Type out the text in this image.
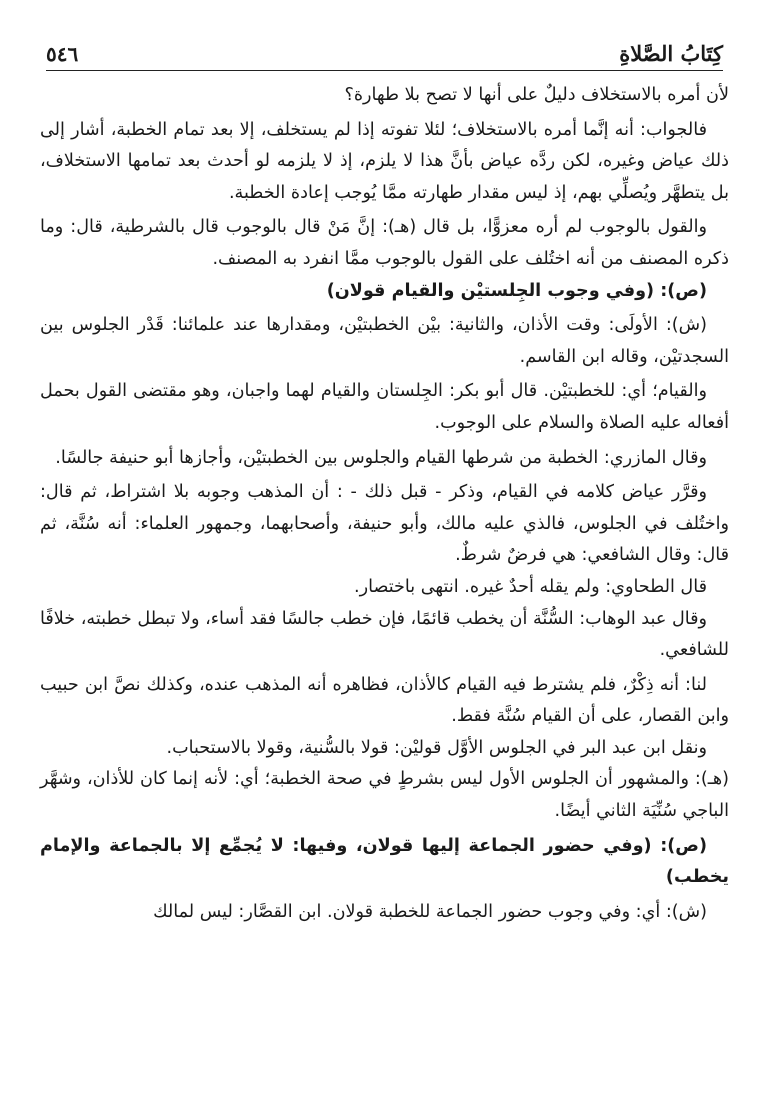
كِتَابُ الصَّلاةِ
٥٤٦

لأن أمره بالاستخلاف دليلٌ على أنها لا تصح بلا طهارة؟

فالجواب: أنه إنَّما أمره بالاستخلاف؛ لئلا تفوته إذا لم يستخلف، إلا بعد تمام الخطبة، أشار إلى ذلك عياض وغيره، لكن ردَّه عياض بأنَّ هذا لا يلزم، إذ لا يلزمه لو أحدث بعد تمامها الاستخلاف، بل يتطهَّر ويُصلِّي بهم، إذ ليس مقدار طهارته ممَّا يُوجب إعادة الخطبة.

والقول بالوجوب لم أره معزوًّا، بل قال (هـ): إنَّ مَنْ قال بالوجوب قال بالشرطية، قال: وما ذكره المصنف من أنه اختُلف على القول بالوجوب ممَّا انفرد به المصنف.

(ص): (وفي وجوب الجِلستيْن والقيام قولان)

(ش): الأولَى: وقت الأذان، والثانية: بيْن الخطبتيْن، ومقدارها عند علمائنا: قَدْر الجلوس بين السجدتيْن، وقاله ابن القاسم.

والقيام؛ أي: للخطبتيْن. قال أبو بكر: الجِلستان والقيام لهما واجبان، وهو مقتضى القول بحمل أفعاله عليه الصلاة والسلام على الوجوب.

وقال المازري: الخطبة من شرطها القيام والجلوس بين الخطبتيْن، وأجازها أبو حنيفة جالسًا.

وقرَّر عياض كلامه في القيام، وذكر - قبل ذلك - : أن المذهب وجوبه بلا اشتراط، ثم قال: واختُلف في الجلوس، فالذي عليه مالك، وأبو حنيفة، وأصحابهما، وجمهور العلماء: أنه سُنَّة، ثم قال: وقال الشافعي: هي فرضٌ شرطٌ.

قال الطحاوي: ولم يقله أحدٌ غيره. انتهى باختصار.

وقال عبد الوهاب: السُّنَّة أن يخطب قائمًا، فإن خطب جالسًا فقد أساء، ولا تبطل خطبته، خلافًا للشافعي.

لنا: أنه ذِكْرٌ، فلم يشترط فيه القيام كالأذان، فظاهره أنه المذهب عنده، وكذلك نصَّ ابن حبيب وابن القصار، على أن القيام سُنَّة فقط.

ونقل ابن عبد البر في الجلوس الأوَّل قوليْن: قولا بالسُّنية، وقولا بالاستحباب.

(هـ): والمشهور أن الجلوس الأول ليس بشرطٍ في صحة الخطبة؛ أي: لأنه إنما كان للأذان، وشهَّر الباجي سُنِّيَة الثاني أيضًا.

(ص): (وفي حضور الجماعة إليها قولان، وفيها: لا يُجمِّع إلا بالجماعة والإمام يخطب)

(ش): أي: وفي وجوب حضور الجماعة للخطبة قولان. ابن القصَّار: ليس لمالك
